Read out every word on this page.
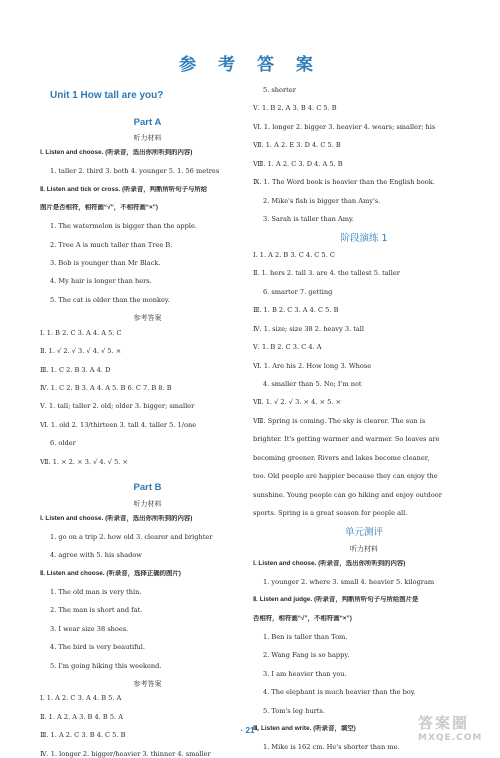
参 考 答 案
Unit 1 How tall are you?
Part A
听力材料

Ⅰ. Listen and choose. (听录音，选出你所听到的内容)

1. taller 2. third 3. both 4. younger 5. 1. 56 metres

Ⅱ. Listen and tick or cross. (听录音，判断所听句子与所给

图片是否相符，相符画“√”，不相符画“×”)

1. The watermelon is bigger than the apple.

2. Tree A is much taller than Tree B.

3. Bob is younger than Mr Black.

4. My hair is longer than hers.

5. The cat is older than the monkey.

参考答案

Ⅰ. 1. B 2. C 3. A 4. A 5. C

Ⅱ. 1. √ 2. √ 3. √ 4. √ 5. ×

Ⅲ. 1. C 2. B 3. A 4. D

Ⅳ. 1. C 2. B 3. A 4. A 5. B 6. C 7. B 8. B

Ⅴ. 1. tall; taller 2. old; older 3. bigger; smaller

Ⅵ. 1. old 2. 13/thirteen 3. tall 4. taller 5. 1/one

6. older

Ⅶ. 1. × 2. × 3. √ 4. √ 5. ×

Part B
听力材料

Ⅰ. Listen and choose. (听录音，选出你所听到的内容)

1. go on a trip 2. how old 3. clearer and brighter

4. agree with 5. his shadow

Ⅱ. Listen and choose. (听录音，选择正确的图片)

1. The old man is very thin.

2. The man is short and fat.

3. I wear size 38 shoes.

4. The bird is very beautiful.

5. I'm going hiking this weekend.

参考答案

Ⅰ. 1. A 2. C 3. A 4. B 5. A

Ⅱ. 1. A 2. A 3. B 4. B 5. A

Ⅲ. 1. A 2. C 3. B 4. C 5. B

Ⅳ. 1. longer 2. bigger/heavier 3. thinner 4. smaller

5. shorter

Ⅴ. 1. B 2. A 3. B 4. C 5. B

Ⅵ. 1. longer 2. bigger 3. heavier 4. wears; smaller; his

Ⅶ. 1. A 2. E 3. D 4. C 5. B

Ⅷ. 1. A 2. C 3. D 4. A 5. B

Ⅸ. 1. The Word book is heavier than the English book.

2. Mike's fish is bigger than Amy's.

3. Sarah is taller than Amy.

阶段演练 1

Ⅰ. 1. A 2. B 3. C 4. C 5. C

Ⅱ. 1. hers 2. tall 3. are 4. the tallest 5. taller

6. smarter 7. getting

Ⅲ. 1. B 2. C 3. A 4. C 5. B

Ⅳ. 1. size; size 38 2. heavy 3. tall

Ⅴ. 1. B 2. C 3. C 4. A

Ⅵ. 1. Are his 2. How long 3. Whose

4. smaller than 5. No; I'm not

Ⅶ. 1. √ 2. √ 3. × 4. × 5. ×

Ⅷ. Spring is coming. The sky is clearer. The sun is

brighter. It's getting warmer and warmer. So leaves are

becoming greener. Rivers and lakes become cleaner,

too. Old people are happier because they can enjoy the

sunshine. Young people can go hiking and enjoy outdoor

sports. Spring is a great season for people all.

单元测评
听力材料

Ⅰ. Listen and choose. (听录音，选出你所听到的内容)

1. younger 2. where 3. small 4. heavier 5. kilogram

Ⅱ. Listen and judge. (听录音，判断所听句子与所给图片是

否相符，相符画“√”，不相符画“×”)

1. Ben is taller than Tom.

2. Wang Fang is so happy.

3. I am heavier than you.

4. The elephant is much heavier than the boy.

5. Tom's leg hurts.

Ⅲ. Listen and write. (听录音，填空)

1. Mike is 162 cm. He's shorter than me.

· 21 ·	答案圈
MXQE.COM
